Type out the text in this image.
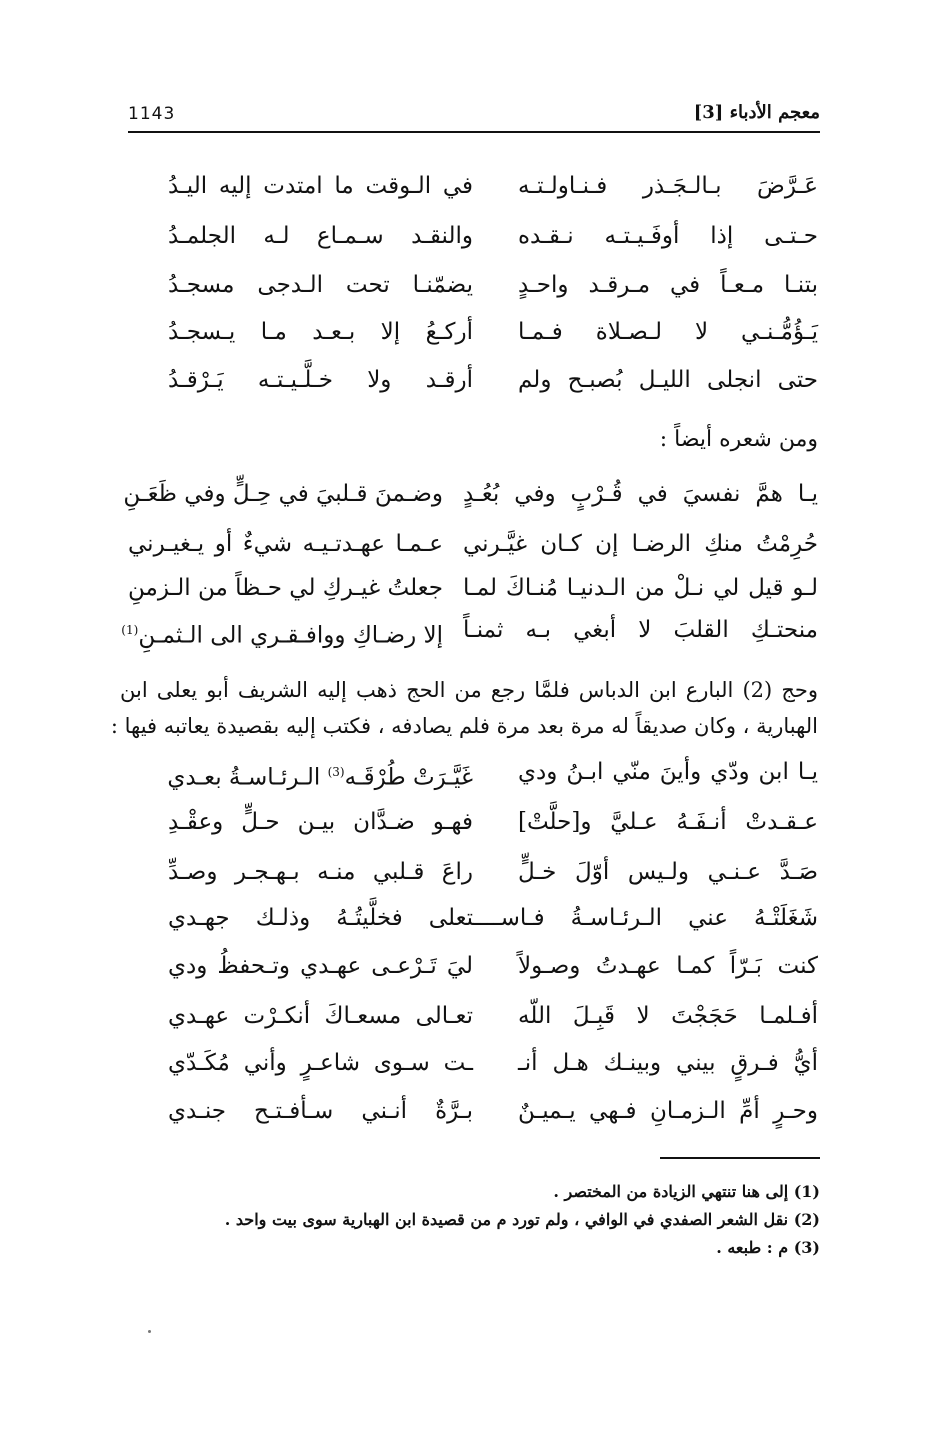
1143	معجم الأدباء [3]
عَـرَّضَ بـالـجَـذر فـنـاولـتـه
في الـوقت ما امتدت إليه اليـدُ
حـتـى إذا أوفَـيـتـه نـقـده
والنقـد سـمـاع لـه الجلمـدُ
بتنـا مـعـاً في مـرقـد واحـدٍ
يضمّنـا تحت الـدجى مسجـدُ
يَـؤُمُّـنـي لا لـصـلاة فـمـا
أركـعُ إلا بـعـد مـا يـسجـدُ
حتى انجلى الليـل بُصبـح ولم
أرقـد ولا خـلَّـيـتـه يَـرْقـدُ
ومن شعره أيضاً :
يـا همَّ نفسيَ في قُـرْبٍ وفي بُعُـدٍ
وضـمنَ قـلبيَ في حِـلٍّ وفي ظَعَـنِ
حُرِمْتُ منكِ الرضـا إن كـان غيَّـرني
عـمـا عهـدتـيـه شيءٌ أو يـغيـرني
لـو قيل لي نـلْ من الـدنيـا مُنـاكَ لمـا
جعلتُ غيـركِ لي حـظاً من الـزمنِ
منحتـكِ القلبَ لا أبغي بـه ثمنـاً
إلا رضـاكِ ووافـقـري الى الـثمـنِ$^{(1)}$
وحج (2) البارع ابن الدباس فلمَّا رجع من الحج ذهب إليه الشريف أبو يعلى ابن
الهبارية ، وكان صديقاً له مرة بعد مرة فلم يصادفه ، فكتب إليه بقصيدة يعاتبه فيها :
يـا ابن ودّي وأينَ منّي ابـنُ ودي
غَيَّـرَتْ طُرْقَـه$^{(3)}$ الـرئـاسـةُ بعـدي
عـقـدتْ أنـفَـهُ عـليَّ و[حلَّتْ]
فهـو ضـدَّان بيـن حـلٍّ وعقْـدِ
صَـدَّ عـنـي ولـيس أوّلَ خـلٍّ
راعَ قـلبي منـه بـهـجـر وصـدِّ
شَغَلَتْـهُ عني الـرئـاسـةُ فـاســــتعلى فخلَّيتُـهُ وذلـك جهـدي
كنت بَـرّاً كمـا عهـدتُ وصـولاً
ليَ تَـرْعـى عهـدي وتـحفظُ ودي
أفـلمـا حَجَجْتَ لا قَبِـلَ اللّه
تعـالى مسعـاكَ أنكـرْت عهـدي
أيُّ فـرقٍ بيني وبينـك هـل أنـ
ـت سـوى شاعـرٍ وأني مُكَـدّي
وحـرٍ أمِّ الـزمـانِ فـهي يـميـنٌ
بـرَّةٌ أنـني سـأفـتـح جنـدي
(1) إلى هنا تنتهي الزيادة من المختصر .
(2) نقل الشعر الصفدي في الوافي ، ولم تورد م من قصيدة ابن الهبارية سوى بيت واحد .
(3) م : طبعه .
